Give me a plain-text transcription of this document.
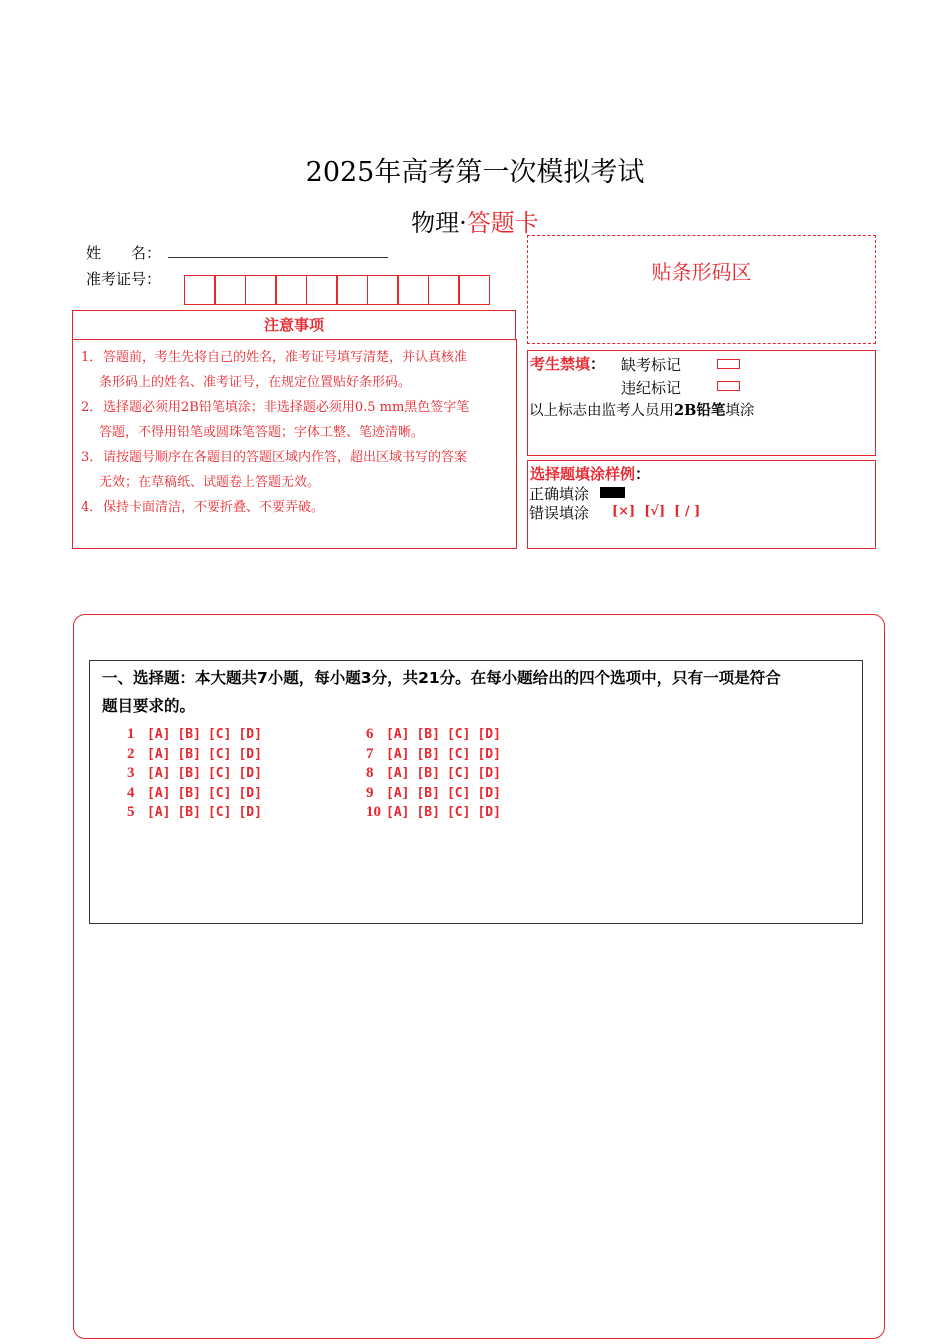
2025年高考第一次模拟考试
物理·答题卡
姓　　名：
准考证号：
注意事项
1．答题前，考生先将自己的姓名，准考证号填写清楚，并认真核准
条形码上的姓名、准考证号，在规定位置贴好条形码。
2．选择题必须用2B铅笔填涂；非选择题必须用0.5 mm黑色签字笔
答题，不得用铅笔或圆珠笔答题；字体工整、笔迹清晰。
3．请按题号顺序在各题目的答题区域内作答，超出区域书写的答案
无效；在草稿纸、试题卷上答题无效。
4．保持卡面清洁，不要折叠、不要弄破。
贴条形码区
考生禁填： 缺考标记
违纪标记
以上标志由监考人员用2B铅笔填涂
选择题填涂样例：
正确填涂
错误填涂 [×]  [√]  [ / ]
一、选择题：本大题共7小题，每小题3分，共21分。在每小题给出的四个选项中，只有一项是符合
题目要求的。
1 [A] [B] [C] [D]
2 [A] [B] [C] [D]
3 [A] [B] [C] [D]
4 [A] [B] [C] [D]
5 [A] [B] [C] [D]
6 [A] [B] [C] [D]
7 [A] [B] [C] [D]
8 [A] [B] [C] [D]
9 [A] [B] [C] [D]
10 [A] [B] [C] [D]
